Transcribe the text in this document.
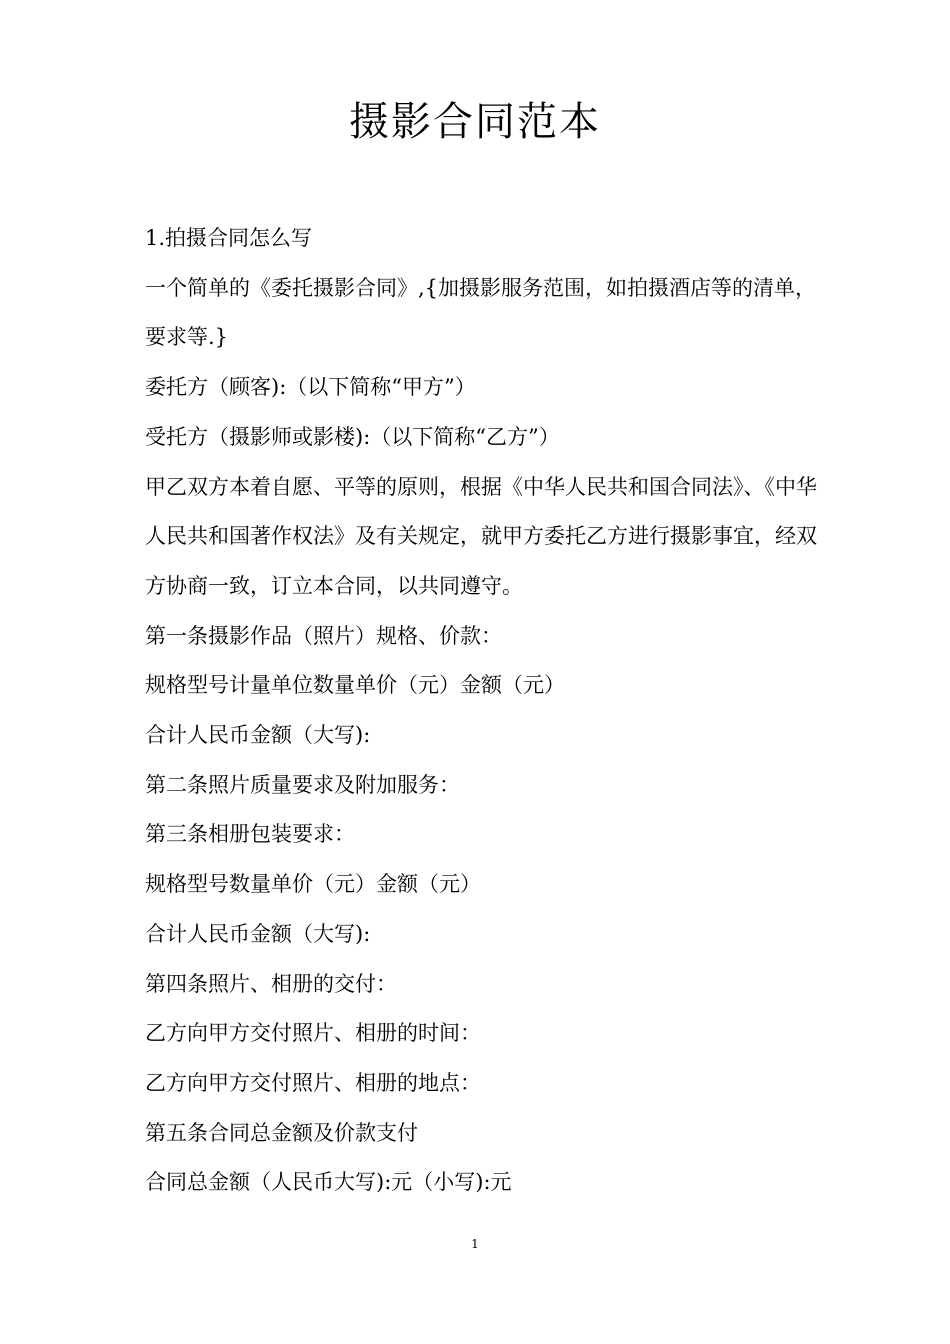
摄影合同范本

1.拍摄合同怎么写

一个简单的《委托摄影合同》,{加摄影服务范围，如拍摄酒店等的清单，要求等.}

委托方（顾客):（以下简称“甲方”）

受托方（摄影师或影楼):（以下简称“乙方”）

甲乙双方本着自愿、平等的原则，根据《中华人民共和国合同法》、《中华人民共和国著作权法》及有关规定，就甲方委托乙方进行摄影事宜，经双方协商一致，订立本合同，以共同遵守。

第一条摄影作品（照片）规格、价款：

规格型号计量单位数量单价（元）金额（元）

合计人民币金额（大写):

第二条照片质量要求及附加服务：

第三条相册包装要求：

规格型号数量单价（元）金额（元）

合计人民币金额（大写):

第四条照片、相册的交付：

乙方向甲方交付照片、相册的时间：

乙方向甲方交付照片、相册的地点：

第五条合同总金额及价款支付

合同总金额（人民币大写):元（小写):元

1
